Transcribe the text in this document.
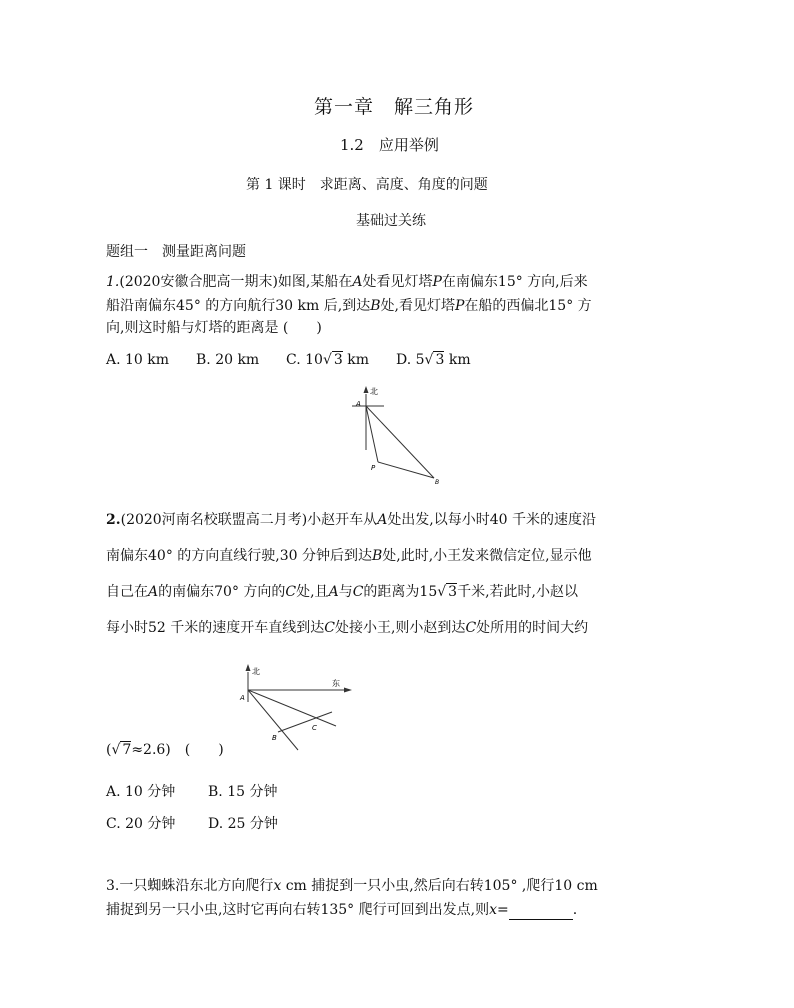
第一章　解三角形
1.2　应用举例
第 1 课时　求距离、高度、角度的问题
基础过关练
题组一　测量距离问题
1.(2020安徽合肥高一期末)如图,某船在A处看见灯塔P在南偏东15° 方向,后来
船沿南偏东45° 的方向航行30 km 后,到达B处,看见灯塔P在船的西偏北15° 方
向,则这时船与灯塔的距离是 (　　)
A. 10 km B. 20 km C. 10√ 3 km D. 5√ 3 km
北
A
P
B
2.(2020河南名校联盟高二月考)小赵开车从A处出发,以每小时40 千米的速度沿
南偏东40° 的方向直线行驶,30 分钟后到达B处,此时,小王发来微信定位,显示他
自己在A的南偏东70° 方向的C处,且A与C的距离为15√ 3千米,若此时,小赵以
每小时52 千米的速度开车直线到达C处接小王,则小赵到达C处所用的时间大约
北
东
A
B
C
(√ 7≈2.6)　(　　)
A. 10 分钟 B. 15 分钟
C. 20 分钟 D. 25 分钟
3.一只蜘蛛沿东北方向爬行x cm 捕捉到一只小虫,然后向右转105° ,爬行10 cm
捕捉到另一只小虫,这时它再向右转135° 爬行可回到出发点,则x=	.
